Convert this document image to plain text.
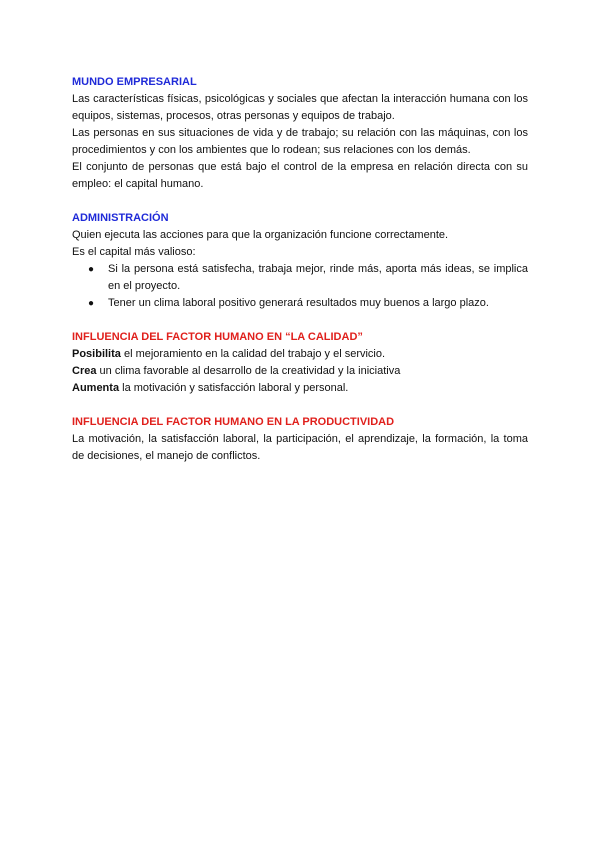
MUNDO EMPRESARIAL

Las características físicas, psicológicas y sociales que afectan la interacción humana con los equipos, sistemas, procesos, otras personas y equipos de trabajo.

Las personas en sus situaciones de vida y de trabajo; su relación con las máquinas, con los procedimientos y con los ambientes que lo rodean; sus relaciones con los demás.

El conjunto de personas que está bajo el control de la empresa en relación directa con su empleo: el capital humano.

ADMINISTRACIÓN

Quien ejecuta las acciones para que la organización funcione correctamente.

Es el capital más valioso:

● Si la persona está satisfecha, trabaja mejor, rinde más, aporta más ideas, se implica en el proyecto.
● Tener un clima laboral positivo generará resultados muy buenos a largo plazo.

INFLUENCIA DEL FACTOR HUMANO EN “LA CALIDAD”

Posibilita el mejoramiento en la calidad del trabajo y el servicio.

Crea un clima favorable al desarrollo de la creatividad y la iniciativa

Aumenta la motivación y satisfacción laboral y personal.

INFLUENCIA DEL FACTOR HUMANO EN LA PRODUCTIVIDAD

La motivación, la satisfacción laboral, la participación, el aprendizaje, la formación, la toma de decisiones, el manejo de conflictos.
